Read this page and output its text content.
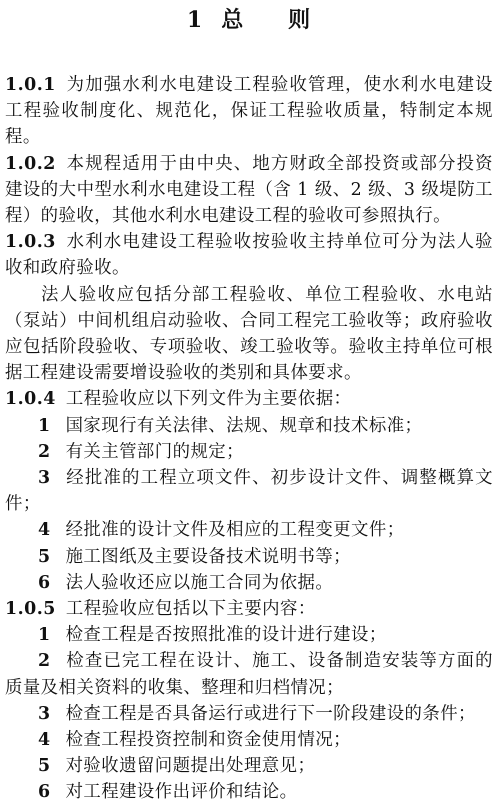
1 总 则

1.0.1 为加强水利水电建设工程验收管理，使水利水电建设工程验收制度化、规范化，保证工程验收质量，特制定本规程。

1.0.2 本规程适用于由中央、地方财政全部投资或部分投资建设的大中型水利水电建设工程（含 1 级、2 级、3 级堤防工程）的验收，其他水利水电建设工程的验收可参照执行。

1.0.3 水利水电建设工程验收按验收主持单位可分为法人验收和政府验收。

法人验收应包括分部工程验收、单位工程验收、水电站（泵站）中间机组启动验收、合同工程完工验收等；政府验收应包括阶段验收、专项验收、竣工验收等。验收主持单位可根据工程建设需要增设验收的类别和具体要求。

1.0.4 工程验收应以下列文件为主要依据：

1 国家现行有关法律、法规、规章和技术标准；

2 有关主管部门的规定；

3 经批准的工程立项文件、初步设计文件、调整概算文件；

4 经批准的设计文件及相应的工程变更文件；

5 施工图纸及主要设备技术说明书等；

6 法人验收还应以施工合同为依据。

1.0.5 工程验收应包括以下主要内容：

1 检查工程是否按照批准的设计进行建设；

2 检查已完工程在设计、施工、设备制造安装等方面的质量及相关资料的收集、整理和归档情况；

3 检查工程是否具备运行或进行下一阶段建设的条件；

4 检查工程投资控制和资金使用情况；

5 对验收遗留问题提出处理意见；

6 对工程建设作出评价和结论。
